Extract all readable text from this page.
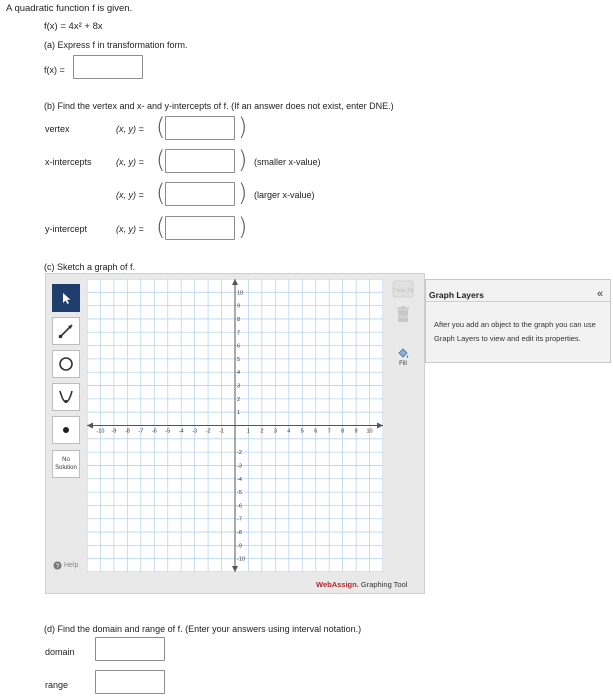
A quadratic function f is given.
f(x) = 4x² + 8x
(a) Express f in transformation form.
f(x) =
(b) Find the vertex and x- and y-intercepts of f. (If an answer does not exist, enter DNE.)
vertex	(x, y) = (	)
x-intercepts	(x, y) = (	) (smaller x-value)
(x, y) = (	) (larger x-value)
y-intercept	(x, y) = (	)
(c) Sketch a graph of f.
No Solution
? Help
-10 -9 -8 -7 -6 -5 -4 -3 -2 -1	1 2 3 4 5 6 7 8 9 10
10
9
8
7
6
5
4
3
2
1
-2
-3
-4
-5
-6
-7
-8
-9
-10
Clear All
Delete
Fill
WebAssign. Graphing Tool
Graph Layers	«
After you add an object to the graph you can use Graph Layers to view and edit its properties.
(d) Find the domain and range of f. (Enter your answers using interval notation.)
domain
range
